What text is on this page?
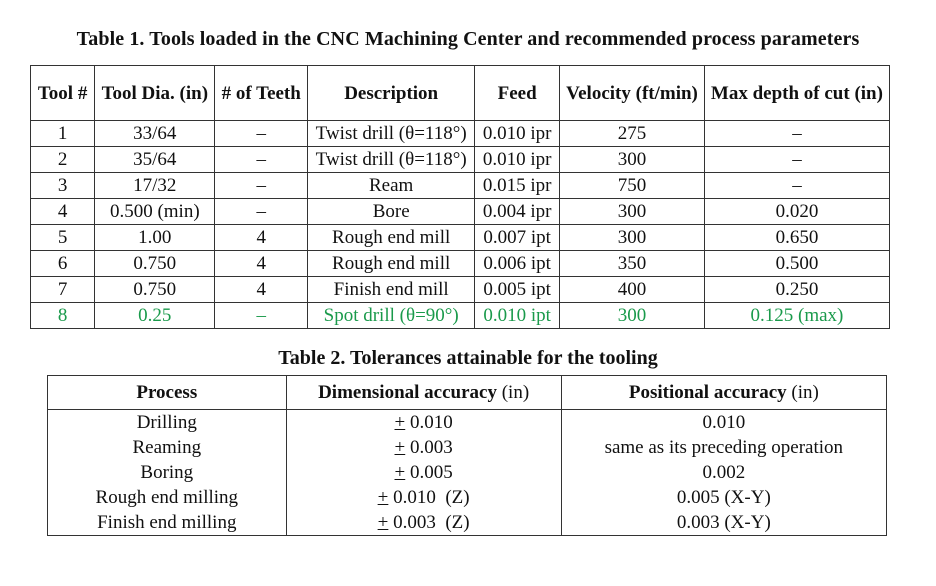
Table 1. Tools loaded in the CNC Machining Center and recommended process parameters
Tool #	Tool Dia. (in)	# of Teeth	Description	Feed	Velocity (ft/min)	Max depth of cut (in)
1	33/64	–	Twist drill (θ=118°)	0.010 ipr	275	–
2	35/64	–	Twist drill (θ=118°)	0.010 ipr	300	–
3	17/32	–	Ream	0.015 ipr	750	–
4	0.500 (min)	–	Bore	0.004 ipr	300	0.020
5	1.00	4	Rough end mill	0.007 ipt	300	0.650
6	0.750	4	Rough end mill	0.006 ipt	350	0.500
7	0.750	4	Finish end mill	0.005 ipt	400	0.250
8	0.25	–	Spot drill (θ=90°)	0.010 ipt	300	0.125 (max)
Table 2. Tolerances attainable for the tooling
Process	Dimensional accuracy (in)	Positional accuracy (in)
Drilling	+ 0.010	0.010
Reaming	+ 0.003	same as its preceding operation
Boring	+ 0.005	0.002
Rough end milling	+ 0.010  (Z)	0.005 (X-Y)
Finish end milling	+ 0.003  (Z)	0.003 (X-Y)
